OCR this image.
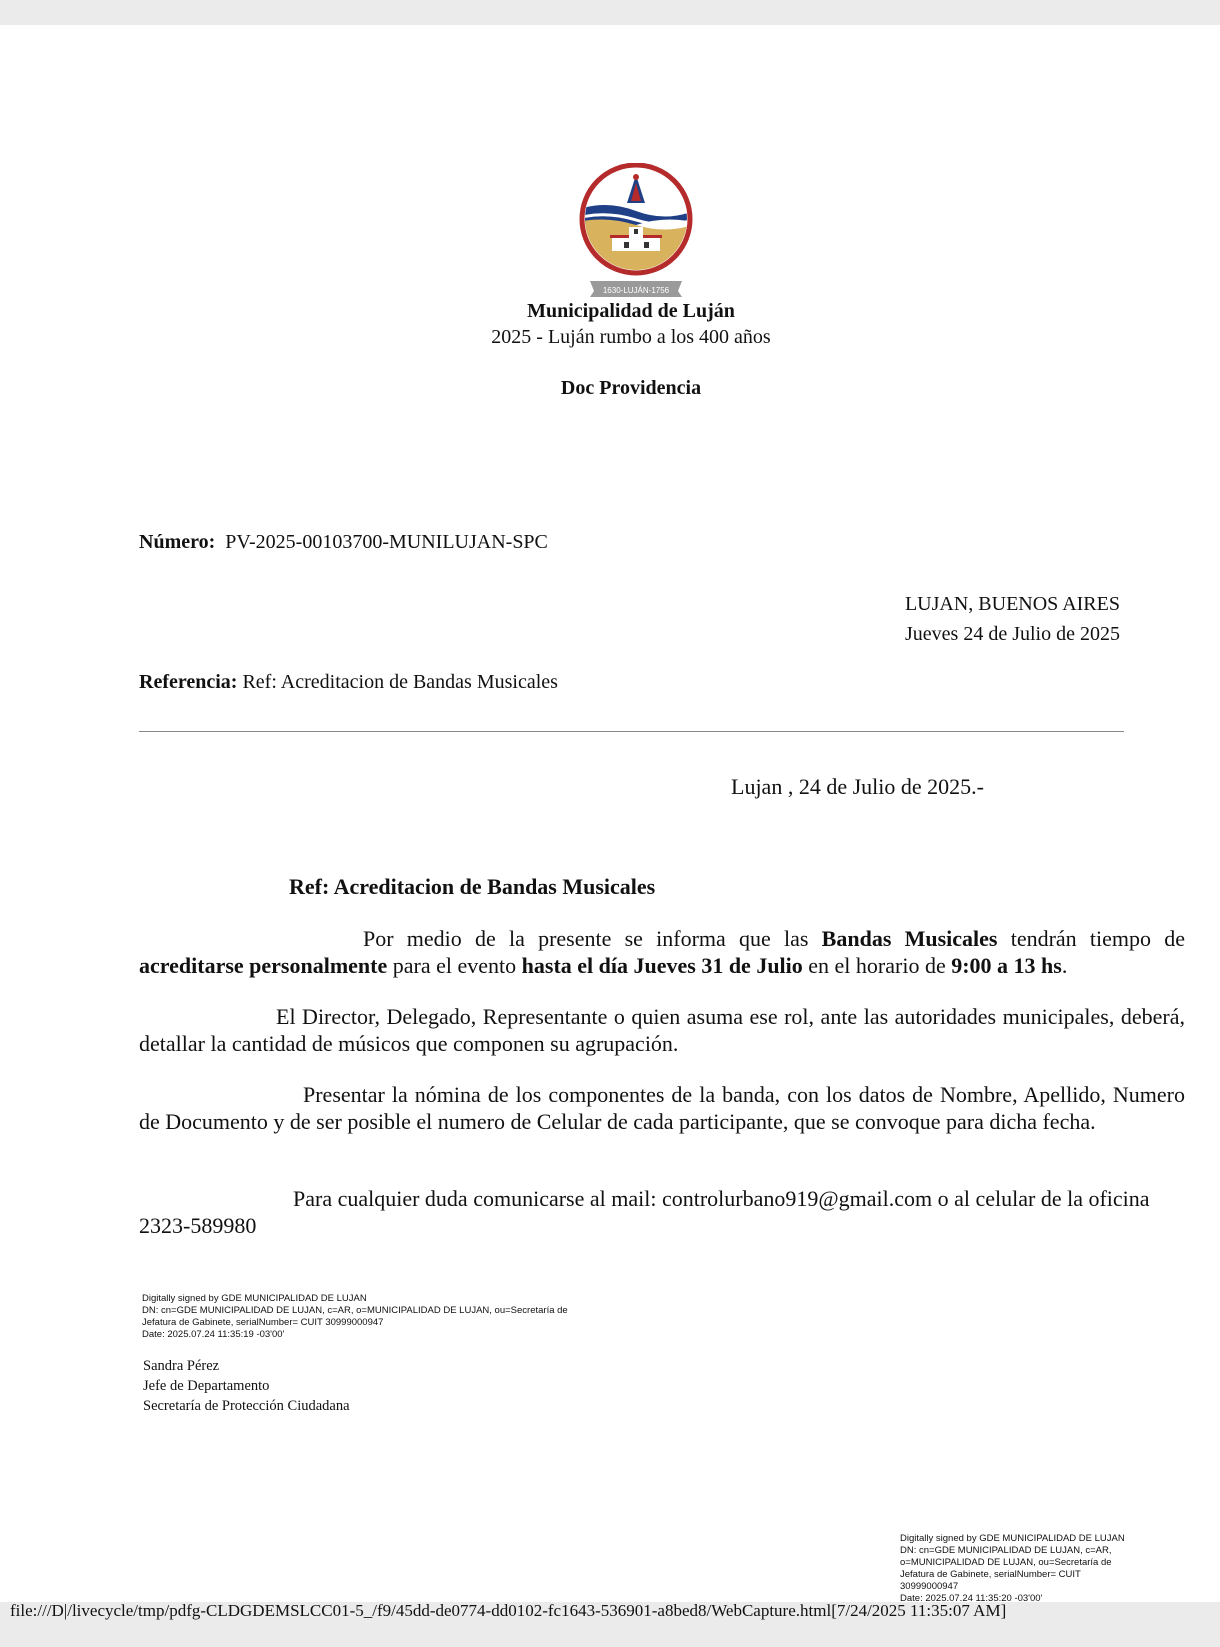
1630-LUJÁN-1756
Municipalidad de Luján
2025 - Luján rumbo a los 400 años
Doc Providencia
Número: PV-2025-00103700-MUNILUJAN-SPC
LUJAN, BUENOS AIRES
Jueves 24 de Julio de 2025
Referencia: Ref: Acreditacion de Bandas Musicales
Lujan , 24 de Julio de 2025.-
Ref: Acreditacion de Bandas Musicales
Por medio de la presente se informa que las Bandas Musicales tendrán tiempo de acreditarse personalmente para el evento hasta el día Jueves 31 de Julio en el horario de 9:00 a 13 hs.
El Director, Delegado, Representante o quien asuma ese rol, ante las autoridades municipales, deberá, detallar la cantidad de músicos que componen su agrupación.
Presentar la nómina de los componentes de la banda, con los datos de Nombre, Apellido, Numero de Documento y de ser posible el numero de Celular de cada participante, que se convoque para dicha fecha.
Para cualquier duda comunicarse al mail: controlurbano919@gmail.com o al celular de la oficina 2323-589980
Digitally signed by GDE MUNICIPALIDAD DE LUJAN
DN: cn=GDE MUNICIPALIDAD DE LUJAN, c=AR, o=MUNICIPALIDAD DE LUJAN, ou=Secretaría de
Jefatura de Gabinete, serialNumber= CUIT 30999000947
Date: 2025.07.24 11:35:19 -03'00'
Sandra Pérez
Jefe de Departamento
Secretaría de Protección Ciudadana
Digitally signed by GDE MUNICIPALIDAD DE LUJAN
DN: cn=GDE MUNICIPALIDAD DE LUJAN, c=AR,
o=MUNICIPALIDAD DE LUJAN, ou=Secretaría de
Jefatura de Gabinete, serialNumber= CUIT
30999000947
Date: 2025.07.24 11:35:20 -03'00'
file:///D|/livecycle/tmp/pdfg-CLDGDEMSLCC01-5_/f9/45dd-de0774-dd0102-fc1643-536901-a8bed8/WebCapture.html[7/24/2025 11:35:07 AM]
